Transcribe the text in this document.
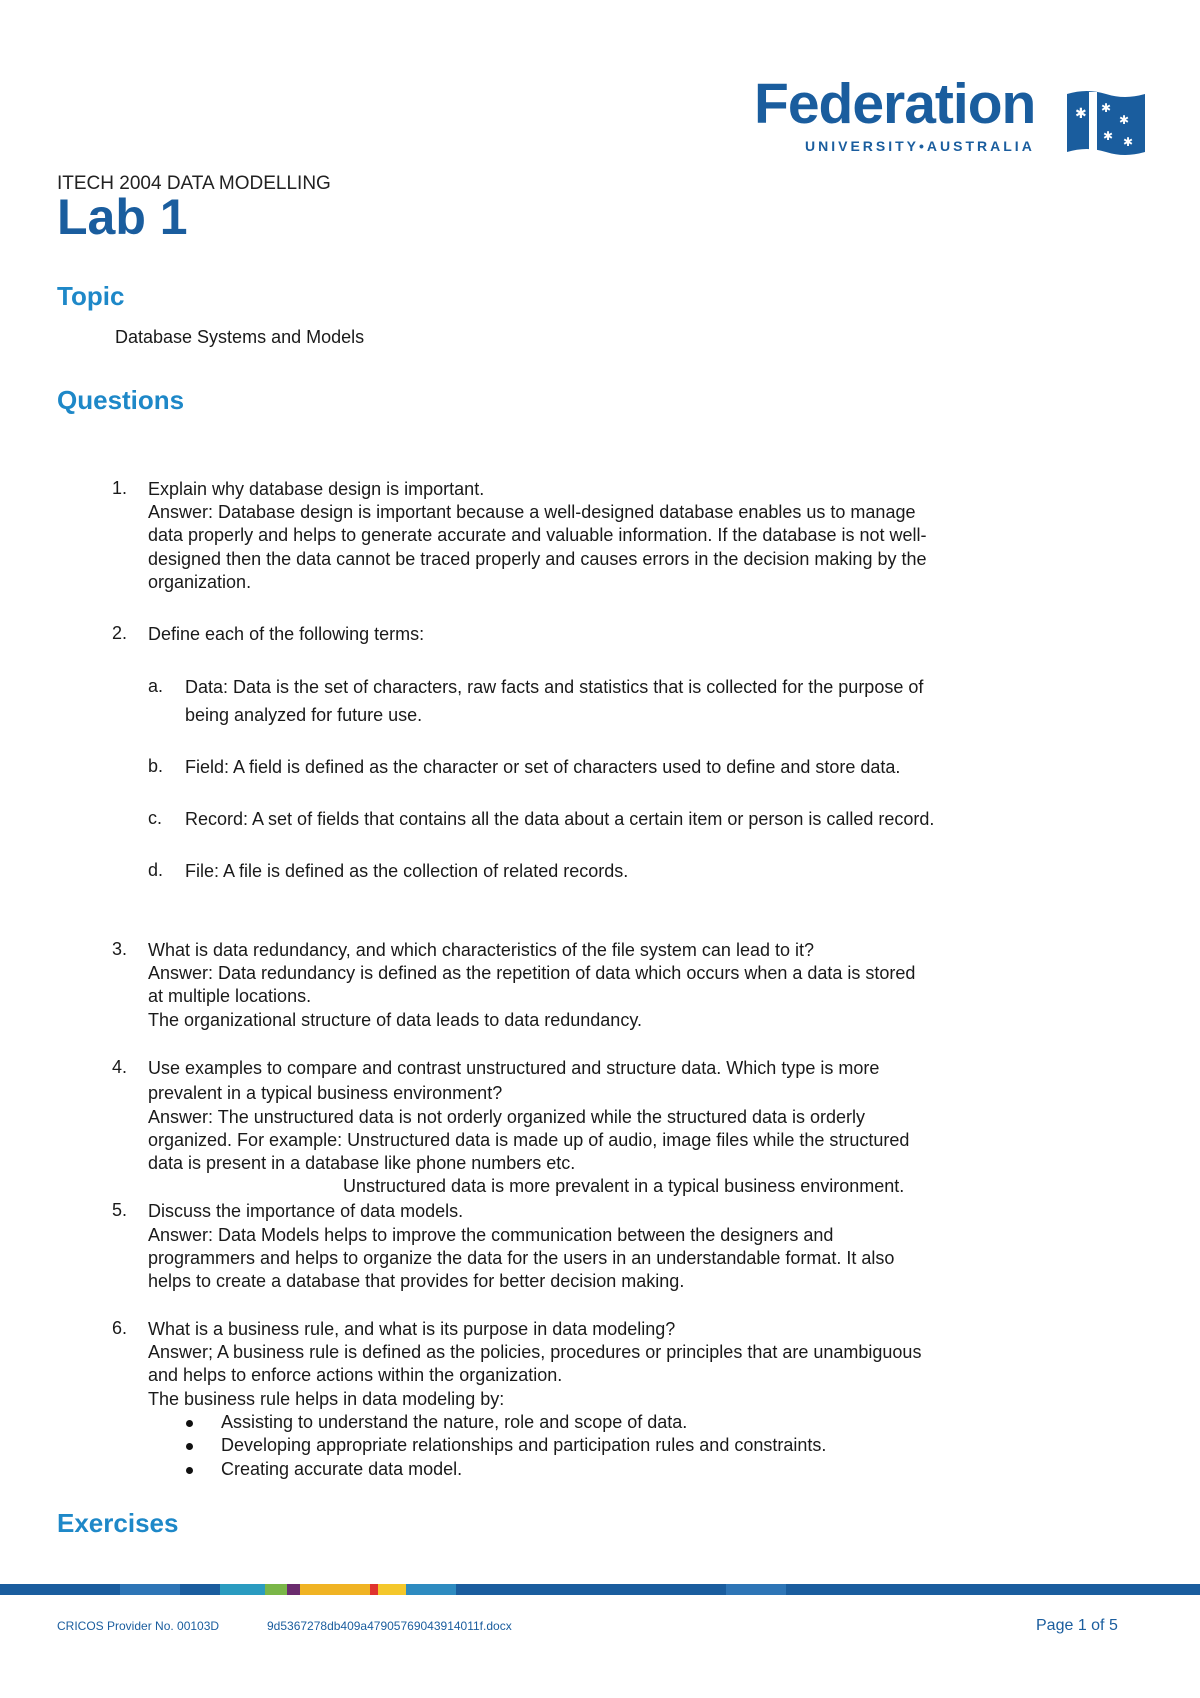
Federation
UNIVERSITY•AUSTRALIA
✱ ✱
✱
✱ ✱
ITECH 2004 DATA MODELLING
Lab 1
Topic
Database Systems and Models
Questions
1. Explain why database design is important.
Answer: Database design is important because a well-designed database enables us to manage
data properly and helps to generate accurate and valuable information. If the database is not well-
designed then the data cannot be traced properly and causes errors in the decision making by the
organization.
2. Define each of the following terms:
a. Data: Data is the set of characters, raw facts and statistics that is collected for the purpose of
being analyzed for future use.
b. Field: A field is defined as the character or set of characters used to define and store data.
c. Record: A set of fields that contains all the data about a certain item or person is called record.
d. File: A file is defined as the collection of related records.
3. What is data redundancy, and which characteristics of the file system can lead to it?
Answer: Data redundancy is defined as the repetition of data which occurs when a data is stored
at multiple locations.
The organizational structure of data leads to data redundancy.
4. Use examples to compare and contrast unstructured and structure data. Which type is more
prevalent in a typical business environment?
Answer: The unstructured data is not orderly organized while the structured data is orderly
organized. For example: Unstructured data is made up of audio, image files while the structured
data is present in a database like phone numbers etc.
Unstructured data is more prevalent in a typical business environment.
5. Discuss the importance of data models.
Answer: Data Models helps to improve the communication between the designers and
programmers and helps to organize the data for the users in an understandable format. It also
helps to create a database that provides for better decision making.
6. What is a business rule, and what is its purpose in data modeling?
Answer; A business rule is defined as the policies, procedures or principles that are unambiguous
and helps to enforce actions within the organization.
The business rule helps in data modeling by:
Assisting to understand the nature, role and scope of data.
Developing appropriate relationships and participation rules and constraints.
Creating accurate data model.
Exercises
CRICOS Provider No. 00103D	9d5367278db409a47905769043914011f.docx	Page 1 of 5
